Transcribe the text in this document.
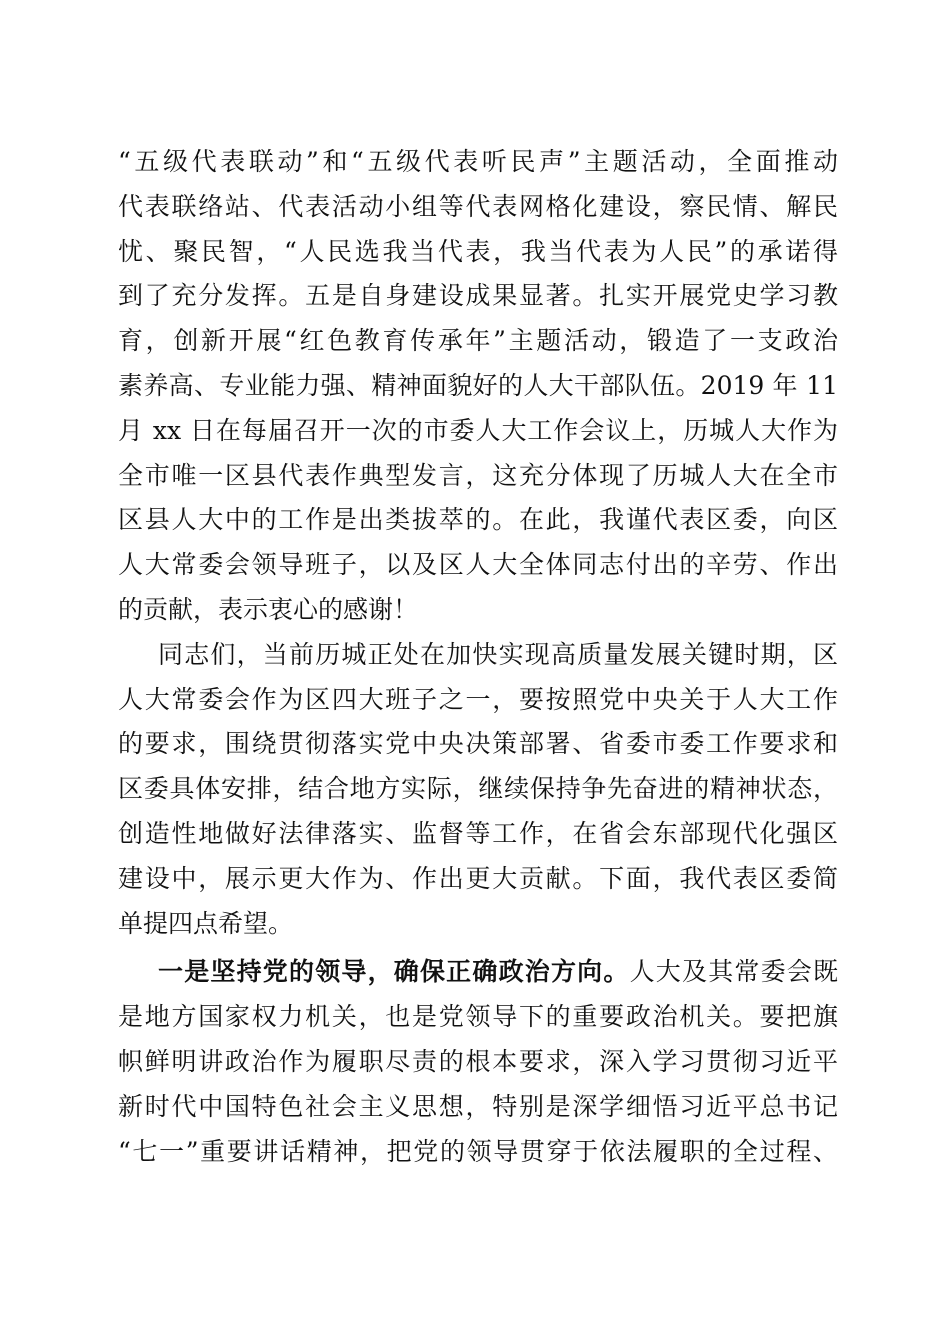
“五级代表联动”和“五级代表听民声”主题活动，全面推动
代表联络站、代表活动小组等代表网格化建设，察民情、解民
忧、聚民智，“人民选我当代表，我当代表为人民”的承诺得
到了充分发挥。五是自身建设成果显著。扎实开展党史学习教
育，创新开展“红色教育传承年”主题活动，锻造了一支政治
素养高、专业能力强、精神面貌好的人大干部队伍。2019 年 11
月 xx 日在每届召开一次的市委人大工作会议上，历城人大作为
全市唯一区县代表作典型发言，这充分体现了历城人大在全市
区县人大中的工作是出类拔萃的。在此，我谨代表区委，向区
人大常委会领导班子，以及区人大全体同志付出的辛劳、作出
的贡献，表示衷心的感谢！
同志们，当前历城正处在加快实现高质量发展关键时期，区
人大常委会作为区四大班子之一，要按照党中央关于人大工作
的要求，围绕贯彻落实党中央决策部署、省委市委工作要求和
区委具体安排，结合地方实际，继续保持争先奋进的精神状态，
创造性地做好法律落实、监督等工作，在省会东部现代化强区
建设中，展示更大作为、作出更大贡献。下面，我代表区委简
单提四点希望。
一是坚持党的领导，确保正确政治方向。人大及其常委会既
是地方国家权力机关，也是党领导下的重要政治机关。要把旗
帜鲜明讲政治作为履职尽责的根本要求，深入学习贯彻习近平
新时代中国特色社会主义思想，特别是深学细悟习近平总书记
“七一”重要讲话精神，把党的领导贯穿于依法履职的全过程、
